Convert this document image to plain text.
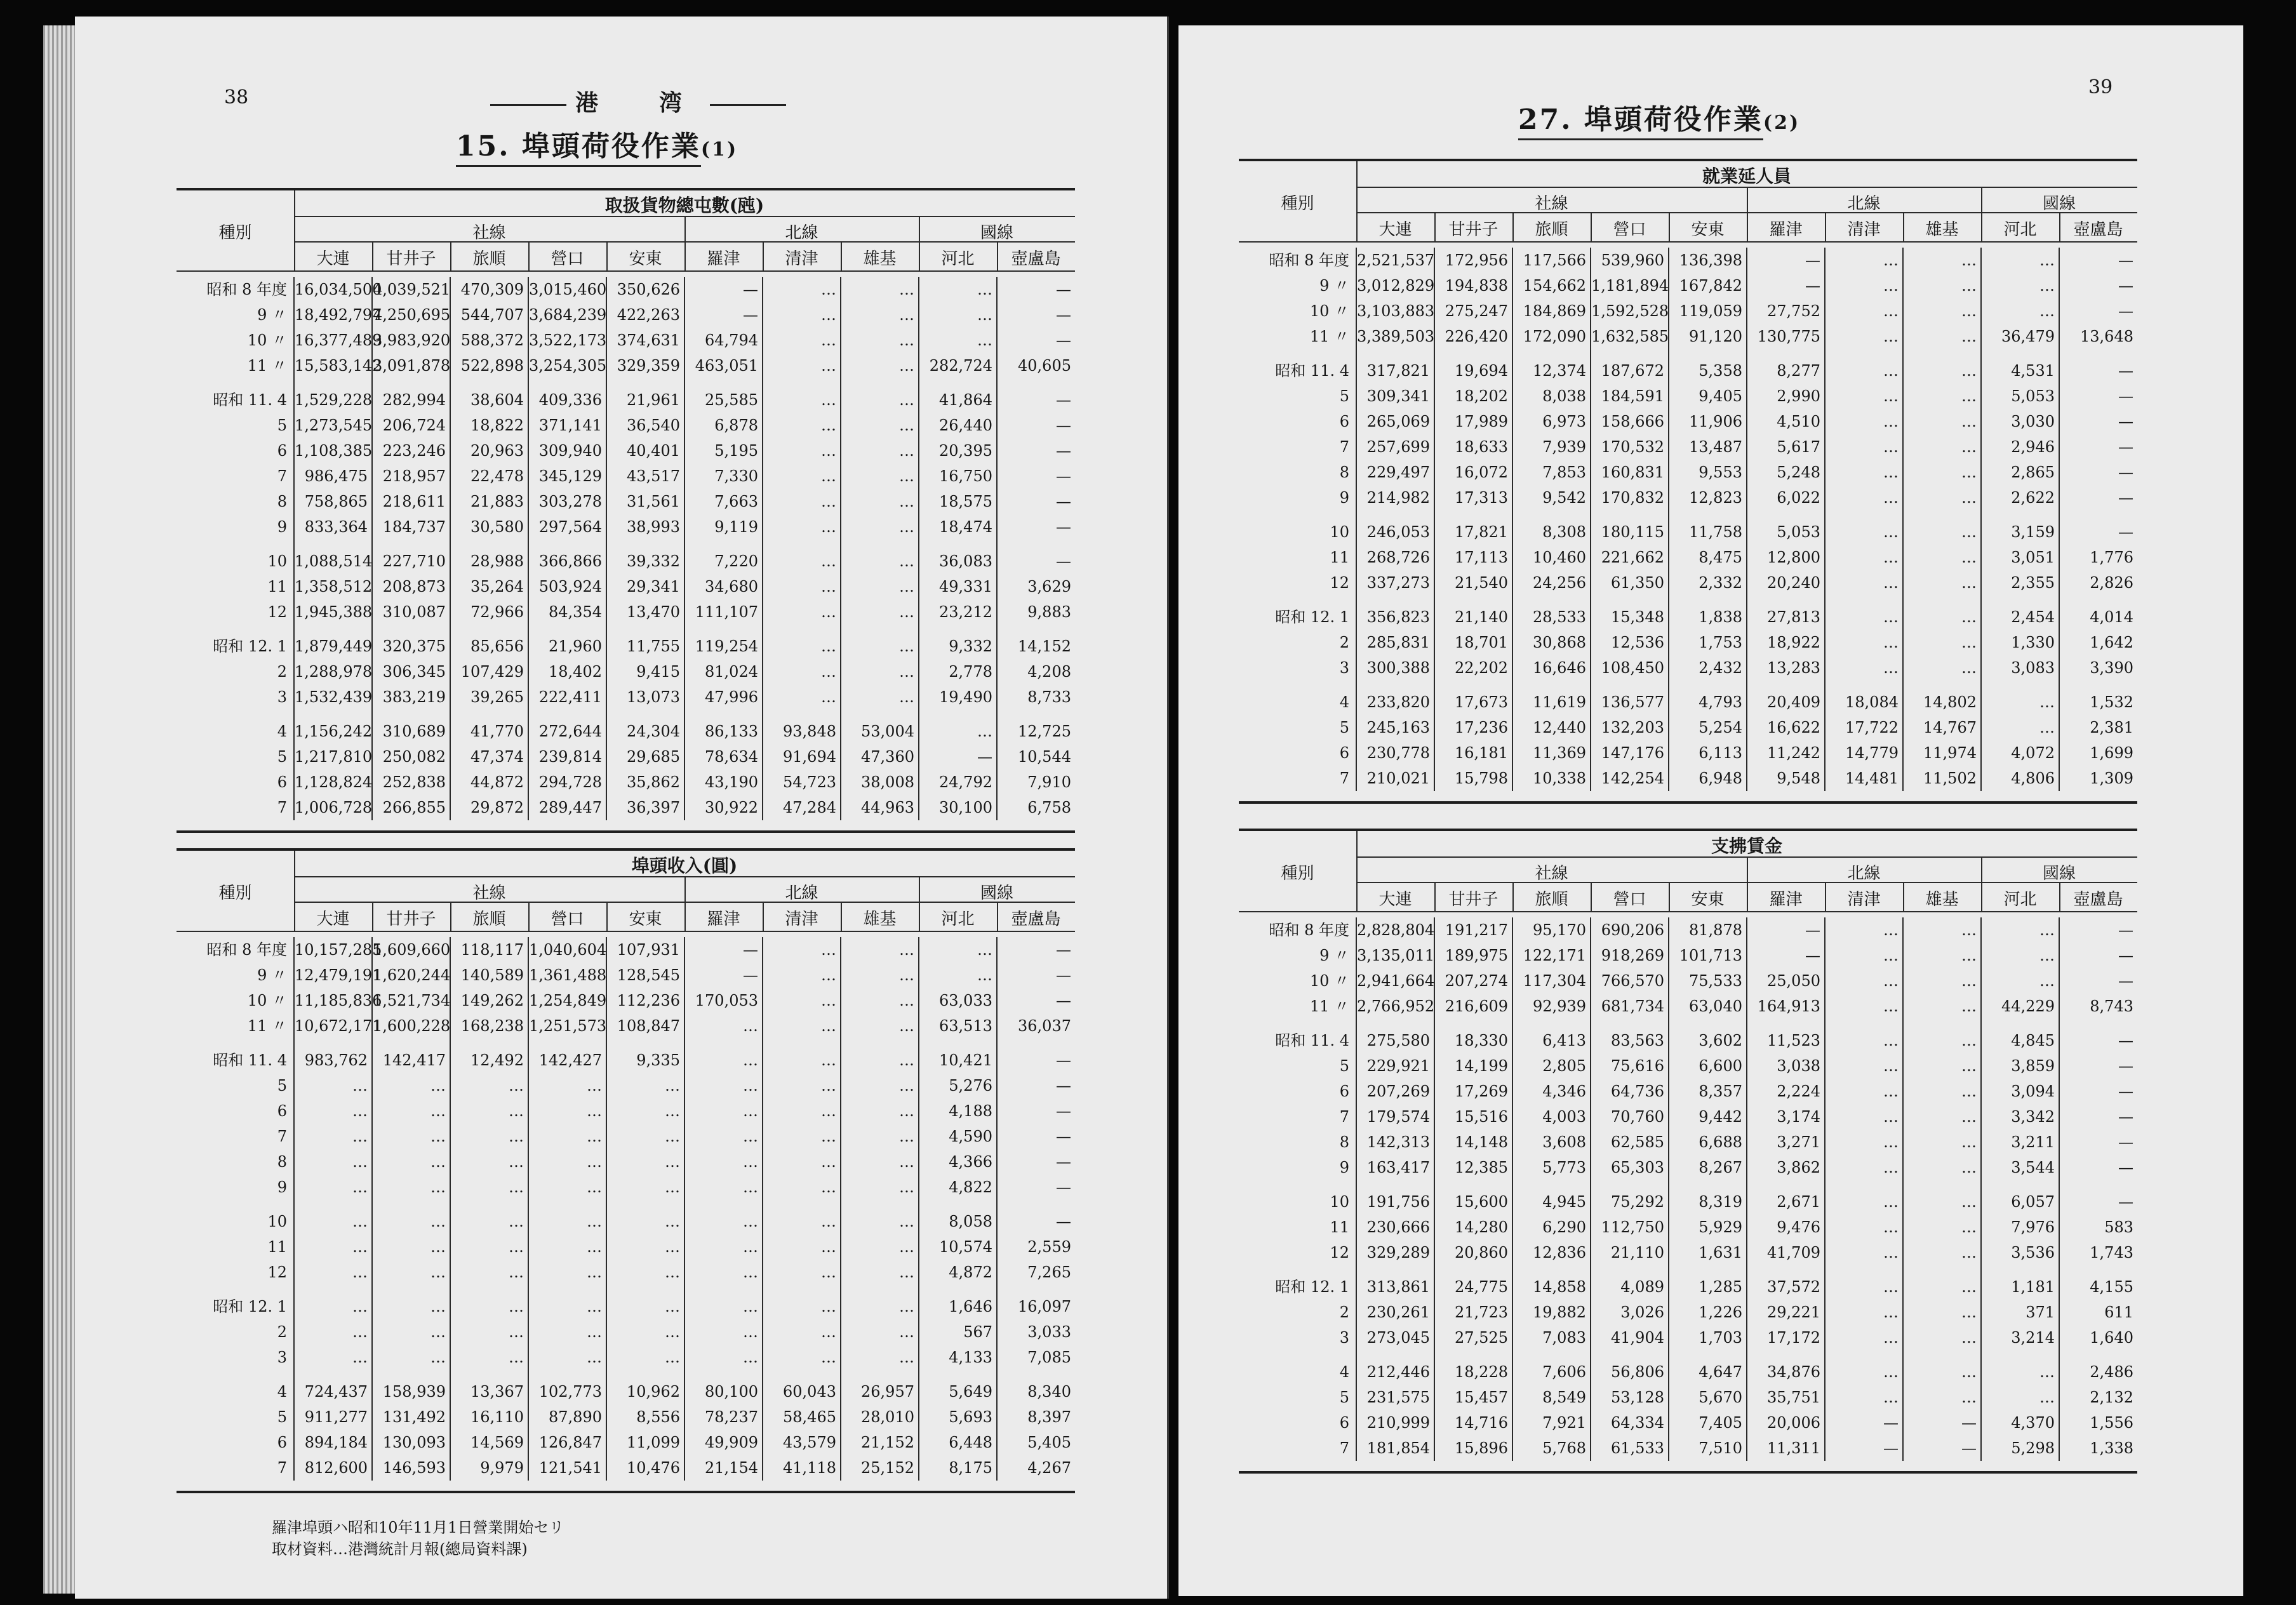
38	港　湾
15. 埠頭荷役作業(1)
羅津埠頭ハ昭和10年11月1日營業開始セリ
取材資料…港灣統計月報(總局資料課)
取扱貨物總屯數(瓲)
種別	社線	北線	國線
大連	甘井子	旅順	營口	安東	羅津	清津	雄基	河北	壺盧島
昭和 8 年度	16,034,500	4,039,521	470,309	3,015,460	350,626	—	…	…	…	—
9 〃	18,492,797	4,250,695	544,707	3,684,239	422,263	—	…	…	…	—
10 〃	16,377,489	3,983,920	588,372	3,522,173	374,631	64,794	…	…	…	—
11 〃	15,583,142	3,091,878	522,898	3,254,305	329,359	463,051	…	…	282,724	40,605
昭和 11. 4	1,529,228	282,994	38,604	409,336	21,961	25,585	…	…	41,864	—
5	1,273,545	206,724	18,822	371,141	36,540	6,878	…	…	26,440	—
6	1,108,385	223,246	20,963	309,940	40,401	5,195	…	…	20,395	—
7	986,475	218,957	22,478	345,129	43,517	7,330	…	…	16,750	—
8	758,865	218,611	21,883	303,278	31,561	7,663	…	…	18,575	—
9	833,364	184,737	30,580	297,564	38,993	9,119	…	…	18,474	—
10	1,088,514	227,710	28,988	366,866	39,332	7,220	…	…	36,083	—
11	1,358,512	208,873	35,264	503,924	29,341	34,680	…	…	49,331	3,629
12	1,945,388	310,087	72,966	84,354	13,470	111,107	…	…	23,212	9,883
昭和 12. 1	1,879,449	320,375	85,656	21,960	11,755	119,254	…	…	9,332	14,152
2	1,288,978	306,345	107,429	18,402	9,415	81,024	…	…	2,778	4,208
3	1,532,439	383,219	39,265	222,411	13,073	47,996	…	…	19,490	8,733
4	1,156,242	310,689	41,770	272,644	24,304	86,133	93,848	53,004	…	12,725
5	1,217,810	250,082	47,374	239,814	29,685	78,634	91,694	47,360	—	10,544
6	1,128,824	252,838	44,872	294,728	35,862	43,190	54,723	38,008	24,792	7,910
7	1,006,728	266,855	29,872	289,447	36,397	30,922	47,284	44,963	30,100	6,758
埠頭收入(圓)
種別	社線	北線	國線
大連	甘井子	旅順	營口	安東	羅津	清津	雄基	河北	壺盧島
昭和 8 年度	10,157,285	1,609,660	118,117	1,040,604	107,931	—	…	…	…	—
9 〃	12,479,191	1,620,244	140,589	1,361,488	128,545	—	…	…	…	—
10 〃	11,185,836	1,521,734	149,262	1,254,849	112,236	170,053	…	…	63,033	—
11 〃	10,672,171	1,600,228	168,238	1,251,573	108,847	…	…	…	63,513	36,037
昭和 11. 4	983,762	142,417	12,492	142,427	9,335	…	…	…	10,421	—
5	…	…	…	…	…	…	…	…	5,276	—
6	…	…	…	…	…	…	…	…	4,188	—
7	…	…	…	…	…	…	…	…	4,590	—
8	…	…	…	…	…	…	…	…	4,366	—
9	…	…	…	…	…	…	…	…	4,822	—
10	…	…	…	…	…	…	…	…	8,058	—
11	…	…	…	…	…	…	…	…	10,574	2,559
12	…	…	…	…	…	…	…	…	4,872	7,265
昭和 12. 1	…	…	…	…	…	…	…	…	1,646	16,097
2	…	…	…	…	…	…	…	…	567	3,033
3	…	…	…	…	…	…	…	…	4,133	7,085
4	724,437	158,939	13,367	102,773	10,962	80,100	60,043	26,957	5,649	8,340
5	911,277	131,492	16,110	87,890	8,556	78,237	58,465	28,010	5,693	8,397
6	894,184	130,093	14,569	126,847	11,099	49,909	43,579	21,152	6,448	5,405
7	812,600	146,593	9,979	121,541	10,476	21,154	41,118	25,152	8,175	4,267
39
27. 埠頭荷役作業(2)
就業延人員
種別	社線	北線	國線
大連	甘井子	旅順	營口	安東	羅津	清津	雄基	河北	壺盧島
昭和 8 年度	2,521,537	172,956	117,566	539,960	136,398	—	…	…	…	—
9 〃	3,012,829	194,838	154,662	1,181,894	167,842	—	…	…	…	—
10 〃	3,103,883	275,247	184,869	1,592,528	119,059	27,752	…	…	…	—
11 〃	3,389,503	226,420	172,090	1,632,585	91,120	130,775	…	…	36,479	13,648
昭和 11. 4	317,821	19,694	12,374	187,672	5,358	8,277	…	…	4,531	—
5	309,341	18,202	8,038	184,591	9,405	2,990	…	…	5,053	—
6	265,069	17,989	6,973	158,666	11,906	4,510	…	…	3,030	—
7	257,699	18,633	7,939	170,532	13,487	5,617	…	…	2,946	—
8	229,497	16,072	7,853	160,831	9,553	5,248	…	…	2,865	—
9	214,982	17,313	9,542	170,832	12,823	6,022	…	…	2,622	—
10	246,053	17,821	8,308	180,115	11,758	5,053	…	…	3,159	—
11	268,726	17,113	10,460	221,662	8,475	12,800	…	…	3,051	1,776
12	337,273	21,540	24,256	61,350	2,332	20,240	…	…	2,355	2,826
昭和 12. 1	356,823	21,140	28,533	15,348	1,838	27,813	…	…	2,454	4,014
2	285,831	18,701	30,868	12,536	1,753	18,922	…	…	1,330	1,642
3	300,388	22,202	16,646	108,450	2,432	13,283	…	…	3,083	3,390
4	233,820	17,673	11,619	136,577	4,793	20,409	18,084	14,802	…	1,532
5	245,163	17,236	12,440	132,203	5,254	16,622	17,722	14,767	…	2,381
6	230,778	16,181	11,369	147,176	6,113	11,242	14,779	11,974	4,072	1,699
7	210,021	15,798	10,338	142,254	6,948	9,548	14,481	11,502	4,806	1,309
支拂賃金
種別	社線	北線	國線
大連	甘井子	旅順	營口	安東	羅津	清津	雄基	河北	壺盧島
昭和 8 年度	2,828,804	191,217	95,170	690,206	81,878	—	…	…	…	—
9 〃	3,135,011	189,975	122,171	918,269	101,713	—	…	…	…	—
10 〃	2,941,664	207,274	117,304	766,570	75,533	25,050	…	…	…	—
11 〃	2,766,952	216,609	92,939	681,734	63,040	164,913	…	…	44,229	8,743
昭和 11. 4	275,580	18,330	6,413	83,563	3,602	11,523	…	…	4,845	—
5	229,921	14,199	2,805	75,616	6,600	3,038	…	…	3,859	—
6	207,269	17,269	4,346	64,736	8,357	2,224	…	…	3,094	—
7	179,574	15,516	4,003	70,760	9,442	3,174	…	…	3,342	—
8	142,313	14,148	3,608	62,585	6,688	3,271	…	…	3,211	—
9	163,417	12,385	5,773	65,303	8,267	3,862	…	…	3,544	—
10	191,756	15,600	4,945	75,292	8,319	2,671	…	…	6,057	—
11	230,666	14,280	6,290	112,750	5,929	9,476	…	…	7,976	583
12	329,289	20,860	12,836	21,110	1,631	41,709	…	…	3,536	1,743
昭和 12. 1	313,861	24,775	14,858	4,089	1,285	37,572	…	…	1,181	4,155
2	230,261	21,723	19,882	3,026	1,226	29,221	…	…	371	611
3	273,045	27,525	7,083	41,904	1,703	17,172	…	…	3,214	1,640
4	212,446	18,228	7,606	56,806	4,647	34,876	…	…	…	2,486
5	231,575	15,457	8,549	53,128	5,670	35,751	…	…	…	2,132
6	210,999	14,716	7,921	64,334	7,405	20,006	—	—	4,370	1,556
7	181,854	15,896	5,768	61,533	7,510	11,311	—	—	5,298	1,338
